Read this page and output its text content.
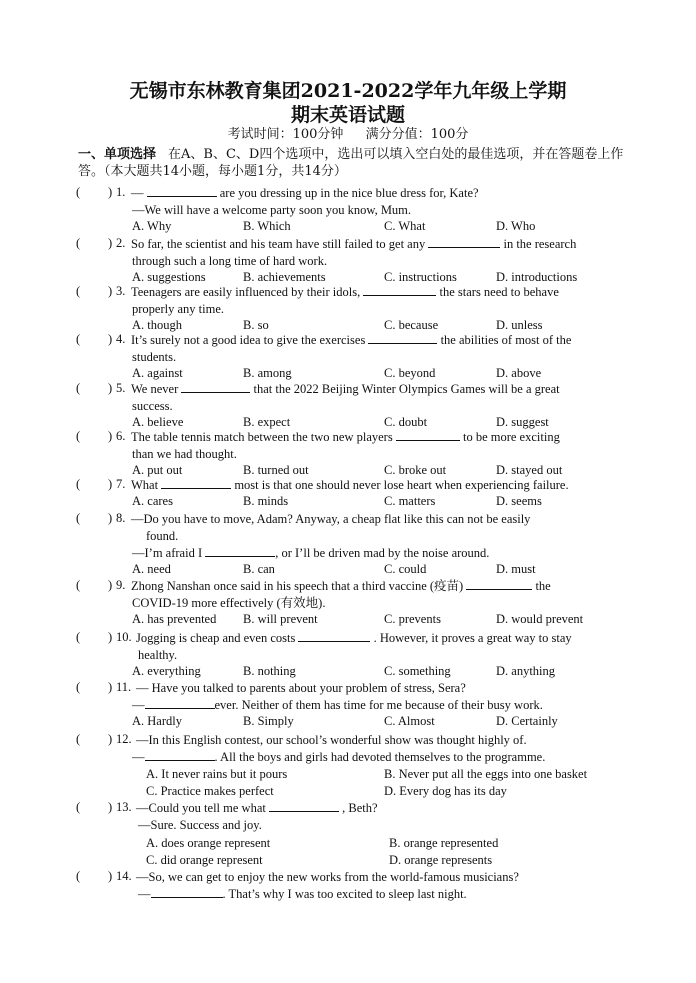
无锡市东林教育集团2021-2022学年九年级上学期
期末英语试题
考试时间：100分钟 满分分值：100分
一、单项选择 在A、B、C、D四个选项中，选出可以填入空白处的最佳选项，并在答题卷上作答。（本大题共14小题，每小题1分，共14分）
( ) 1. —	are you dressing up in the nice blue dress for, Kate?
—We will have a welcome party soon you know, Mum.
A. Why	B. Which	C. What	D. Who
( ) 2. So far, the scientist and his team have still failed to get any	in the research
through such a long time of hard work.
A. suggestions	B. achievements	C. instructions	D. introductions
( ) 3. Teenagers are easily influenced by their idols,	the stars need to behave
properly any time.
A. though	B. so	C. because	D. unless
( ) 4. It’s surely not a good idea to give the exercises	the abilities of most of the
students.
A. against	B. among	C. beyond	D. above
( ) 5. We never	that the 2022 Beijing Winter Olympics Games will be a great
success.
A. believe	B. expect	C. doubt	D. suggest
( ) 6. The table tennis match between the two new players	to be more exciting
than we had thought.
A. put out	B. turned out	C. broke out	D. stayed out
( ) 7. What	most is that one should never lose heart when experiencing failure.
A. cares	B. minds	C. matters	D. seems
( ) 8. —Do you have to move, Adam? Anyway, a cheap flat like this can not be easily
found.
—I’m afraid I	, or I’ll be driven mad by the noise around.
A. need	B. can	C. could	D. must
( ) 9. Zhong Nanshan once said in his speech that a third vaccine (疫苗)	the
COVID-19 more effectively (有效地).
A. has prevented B. will prevent	C. prevents	D. would prevent
( ) 10. Jogging is cheap and even costs	. However, it proves a great way to stay
healthy.
A. everything	B. nothing	C. something	D. anything
( ) 11. — Have you talked to parents about your problem of stress, Sera?
—	ever. Neither of them has time for me because of their busy work.
A. Hardly	B. Simply	C. Almost	D. Certainly
( ) 12. —In this English contest, our school’s wonderful show was thought highly of.
—	. All the boys and girls had devoted themselves to the programme.
A. It never rains but it pours	B. Never put all the eggs into one basket
C. Practice makes perfect	D. Every dog has its day
( ) 13. —Could you tell me what	, Beth?
—Sure. Success and joy.
A. does orange represent	B. orange represented
C. did orange represent	D. orange represents
( ) 14. —So, we can get to enjoy the new works from the world-famous musicians?
—	. That’s why I was too excited to sleep last night.
